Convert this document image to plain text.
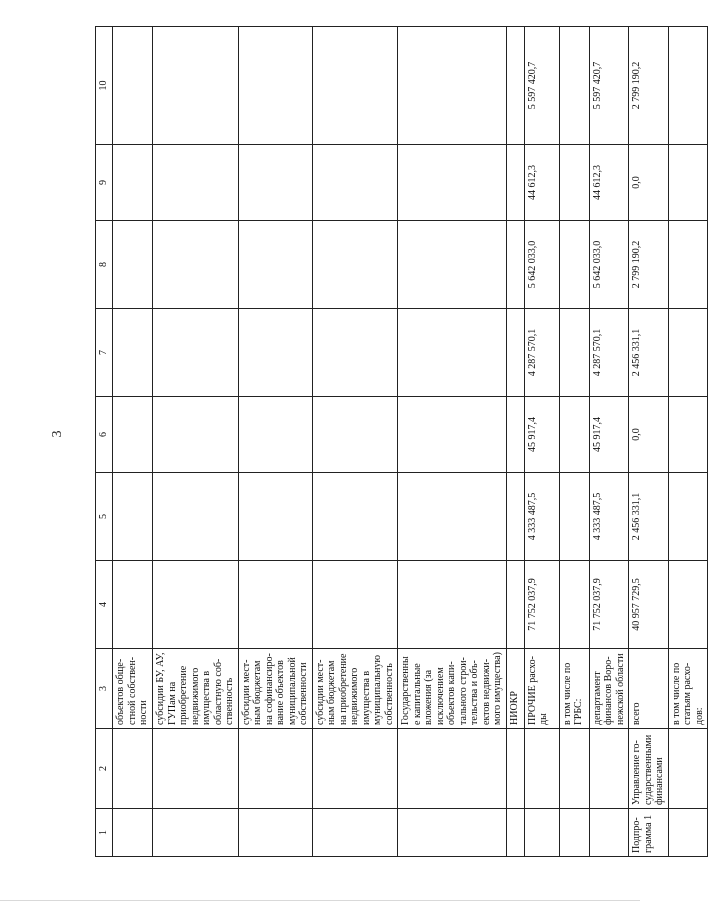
3
1	2	3	4	5	6	7	8	9	10
		объектов обще-стной собствен-ности							
		субсидии БУ, АУ, ГУПам на приобретение недвижимого имущества в областную соб-ственность							
		субсидии мест-ным бюджетам на софинансиро-вание объектов муниципальной собственности							
		субсидии мест-ным бюджетам на приобретение недвижимого имущества в муниципальную собственность							
		Государственные капитальные вложения (за исключением объектов капи-тального строи-тельства и объ-ектов недвижи-мого имущества)							
		НИОКР							
		ПРОЧИЕ расхо-ды	71 752 037,9	4 333 487,5	45 917,4	4 287 570,1	5 642 033,0	44 612,3	5 597 420,7
		в том числе по ГРБС:							
		департамент финансов Воро-нежской области	71 752 037,9	4 333 487,5	45 917,4	4 287 570,1	5 642 033,0	44 612,3	5 597 420,7
Подпро-грамма 1	Управление го-сударственными финансами	всего	40 957 729,5	2 456 331,1	0,0	2 456 331,1	2 799 190,2	0,0	2 799 190,2
		в том числе по статьям расхо-дов:							
